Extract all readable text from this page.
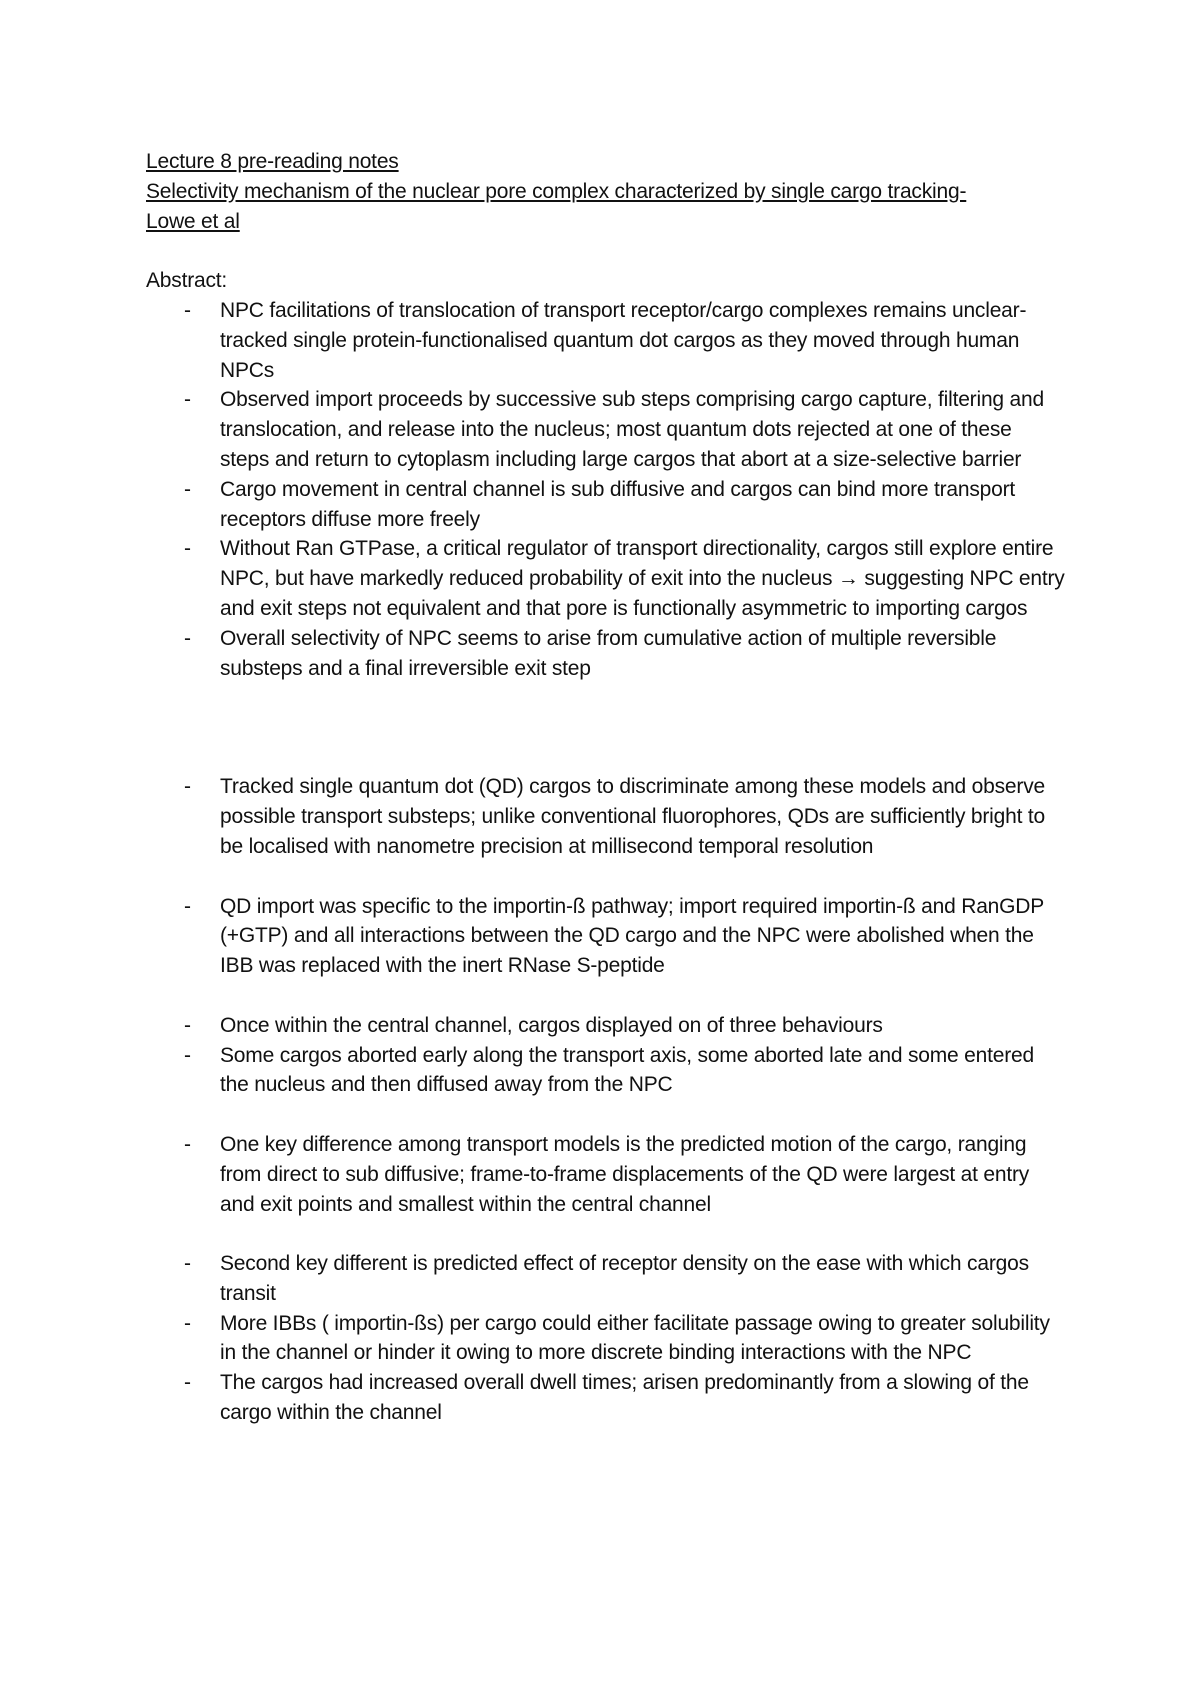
Lecture 8 pre-reading notes

Selectivity mechanism of the nuclear pore complex characterized by single cargo tracking-

Lowe et al

Abstract:

- NPC facilitations of translocation of transport receptor/cargo complexes remains unclear- tracked single protein-functionalised quantum dot cargos as they moved through human NPCs
- Observed import proceeds by successive sub steps comprising cargo capture, filtering and translocation, and release into the nucleus; most quantum dots rejected at one of these steps and return to cytoplasm including large cargos that abort at a size-selective barrier
- Cargo movement in central channel is sub diffusive and cargos can bind more transport receptors diffuse more freely
- Without Ran GTPase, a critical regulator of transport directionality, cargos still explore entire NPC, but have markedly reduced probability of exit into the nucleus → suggesting NPC entry and exit steps not equivalent and that pore is functionally asymmetric to importing cargos
- Overall selectivity of NPC seems to arise from cumulative action of multiple reversible substeps and a final irreversible exit step
- Tracked single quantum dot (QD) cargos to discriminate among these models and observe possible transport substeps; unlike conventional fluorophores, QDs are sufficiently bright to be localised with nanometre precision at millisecond temporal resolution
- QD import was specific to the importin-ß pathway; import required importin-ß and RanGDP (+GTP) and all interactions between the QD cargo and the NPC were abolished when the IBB was replaced with the inert RNase S-peptide
- Once within the central channel, cargos displayed on of three behaviours
- Some cargos aborted early along the transport axis, some aborted late and some entered the nucleus and then diffused away from the NPC
- One key difference among transport models is the predicted motion of the cargo, ranging from direct to sub diffusive; frame-to-frame displacements of the QD were largest at entry and exit points and smallest within the central channel
- Second key different is predicted effect of receptor density on the ease with which cargos transit
- More IBBs ( importin-ßs) per cargo could either facilitate passage owing to greater solubility in the channel or hinder it owing to more discrete binding interactions with the NPC
- The cargos had increased overall dwell times; arisen predominantly from a slowing of the cargo within the channel
